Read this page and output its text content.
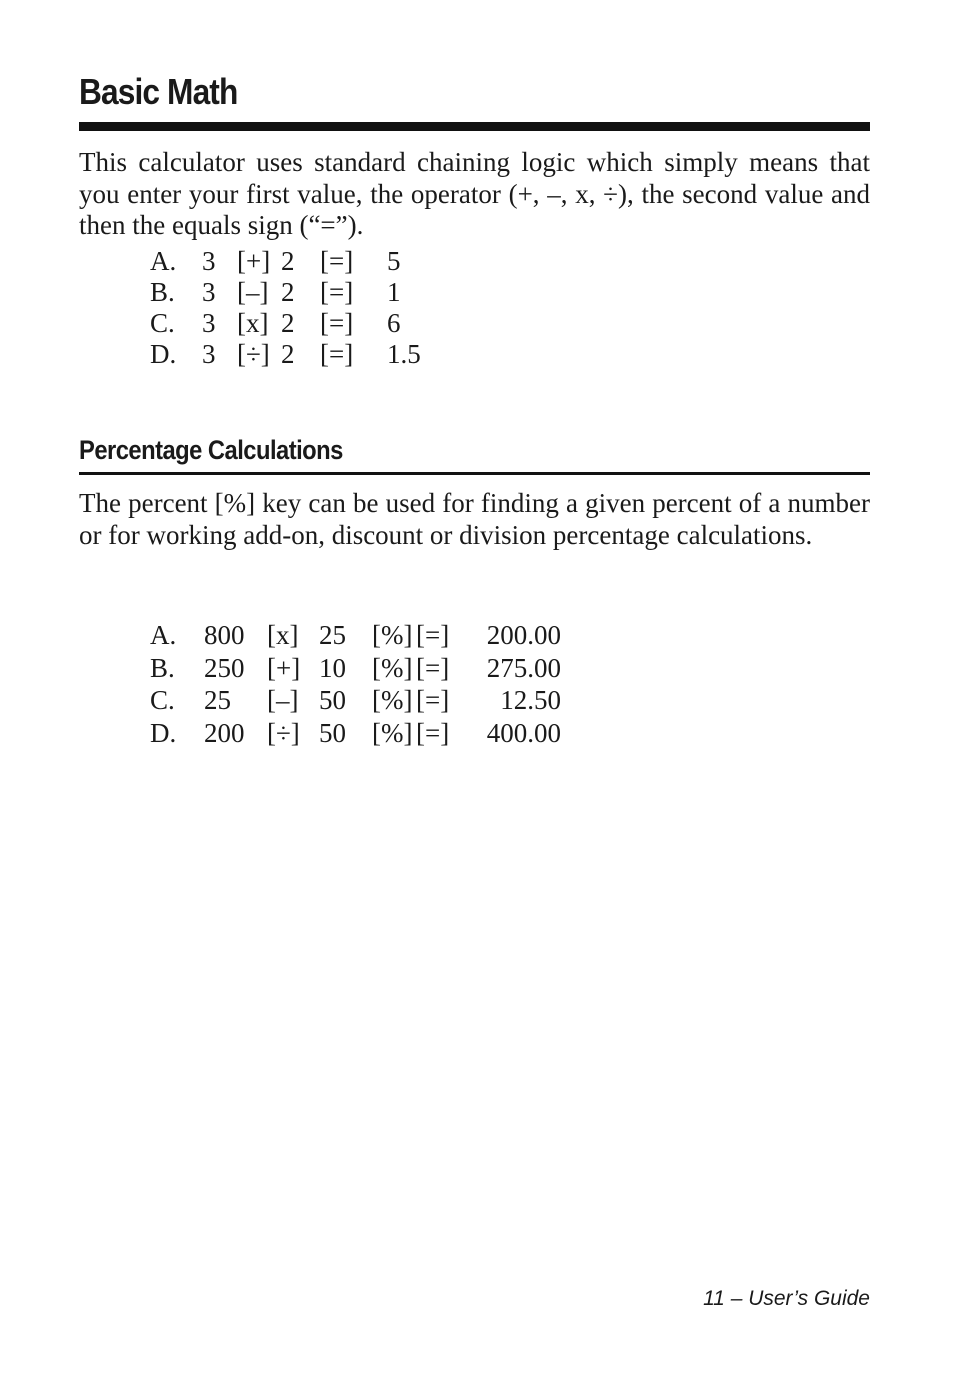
Basic Math

This calculator uses standard chaining logic which simply means that you enter your first value, the operator (+, –, x, ÷), the second value and then the equals sign (“=”).

A.	3	[+]	2	[=]	5
B.	3	[–]	2	[=]	1
C.	3	[x]	2	[=]	6
D.	3	[÷]	2	[=]	1.5
Percentage Calculations

The percent [%] key can be used for finding a given percent of a number or for working add-on, discount or division percentage calculations.

A.	800	[x]	25	[%]	[=]	200.00
B.	250	[+]	10	[%]	[=]	275.00
C.	25	[–]	50	[%]	[=]	12.50
D.	200	[÷]	50	[%]	[=]	400.00
11 – User’s Guide
